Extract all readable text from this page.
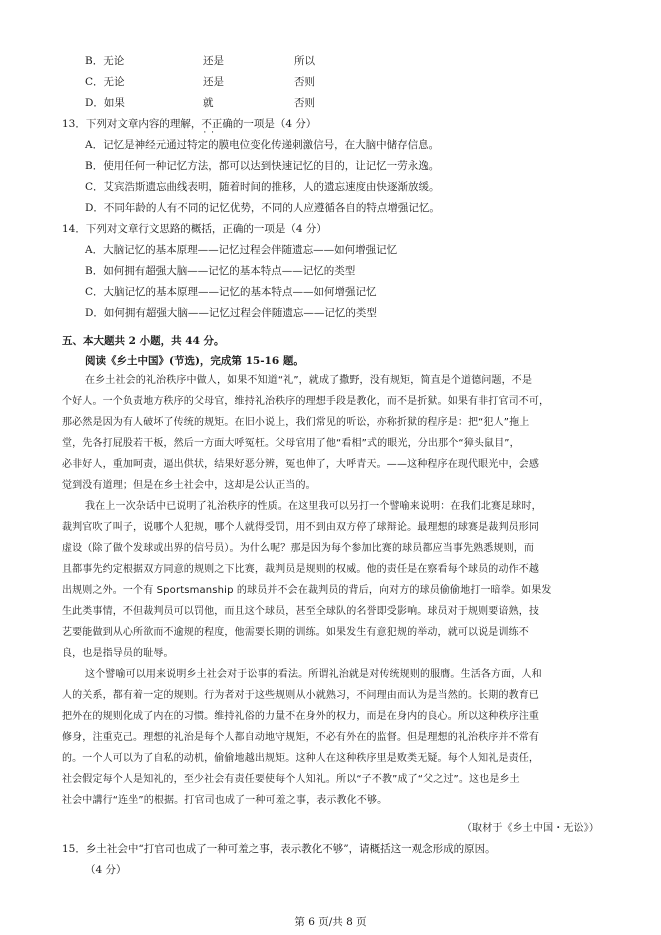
B．无论	还是	所以
C．无论	还是	否则
D．如果	就	否则
13．下列对文章内容的理解，不正确 · ·的一项是（4 分）
A．记忆是神经元通过特定的膜电位变化传递刺激信号，在大脑中储存信息。
B．使用任何一种记忆方法，都可以达到快速记忆的目的，让记忆一劳永逸。
C．艾宾浩斯遗忘曲线表明，随着时间的推移，人的遗忘速度由快逐渐放缓。
D．不同年龄的人有不同的记忆优势，不同的人应遵循各自的特点增强记忆。
14．下列对文章行文思路的概括，正确的一项是（4 分）
A．大脑记忆的基本原理——记忆过程会伴随遗忘——如何增强记忆
B．如何拥有超强大脑——记忆的基本特点——记忆的类型
C．大脑记忆的基本原理——记忆的基本特点——如何增强记忆
D．如何拥有超强大脑——记忆过程会伴随遗忘——记忆的类型
五、本大题共 2 小题，共 44 分。
阅读《乡土中国》(节选)，完成第 15-16 题。
在乡土社会的礼治秩序中做人，如果不知道“礼”，就成了撒野，没有规矩，简直是个道德问题，不是
个好人。一个负责地方秩序的父母官，维持礼治秩序的理想手段是教化，而不是折狱。如果有非打官司不可，
那必然是因为有人破坏了传统的规矩。在旧小说上，我们常见的听讼，亦称折狱的程序是：把“犯人”拖上
堂，先各打屁股若干板，然后一方面大呼冤枉。父母官用了他“看相”式的眼光，分出那个“獐头鼠目”，
必非好人，重加呵责，逼出供状，结果好恶分辨，冤也伸了，大呼青天。——这种程序在现代眼光中，会感
觉到没有道理；但是在乡土社会中，这却是公认正当的。
我在上一次杂话中已说明了礼治秩序的性质。在这里我可以另打一个譬喻来说明：在我们北赛足球时，
裁判官吹了叫子，说哪个人犯规，哪个人就得受罚，用不到由双方停了球辩论。最理想的球赛是裁判员形同
虚设（除了做个发球或出界的信号员）。为什么呢？那是因为每个参加比赛的球员都应当事先熟悉规则，而
且都事先约定根据双方同意的规则之下比赛，裁判员是规则的权威。他的责任是在察看每个球员的动作不越
出规则之外。一个有 Sportsmanship 的球员并不会在裁判员的背后，向对方的球员偷偷地打一暗拳。如果发
生此类事情，不但裁判员可以罚他，而且这个球员，甚至全球队的名誉即受影响。球员对于规则要谙熟，技
艺要能做到从心所欲而不逾规的程度，他需要长期的训练。如果发生有意犯规的举动，就可以说是训练不
良，也是指导员的耻辱。
这个譬喻可以用来说明乡土社会对于讼事的看法。所谓礼治就是对传统规则的服膺。生活各方面，人和
人的关系，都有着一定的规则。行为者对于这些规则从小就熟习，不问理由而认为是当然的。长期的教育已
把外在的规则化成了内在的习惯。维持礼俗的力量不在身外的权力，而是在身内的良心。所以这种秩序注重
修身，注重克己。理想的礼治是每个人都自动地守规矩，不必有外在的监督。但是理想的礼治秩序并不常有
的。一个人可以为了自私的动机，偷偷地越出规矩。这种人在这种秩序里是败类无疑。每个人知礼是责任，
社会假定每个人是知礼的，至少社会有责任要使每个人知礼。所以“子不教”成了“父之过”。这也是乡土
社会中講行“连坐”的根据。打官司也成了一种可羞之事，表示教化不够。
（取材于《乡土中国・无讼》）
15．乡土社会中“打官司也成了一种可羞之事，表示教化不够”，请概括这一观念形成的原因。
（4 分）
第 6 页/共 8 页
